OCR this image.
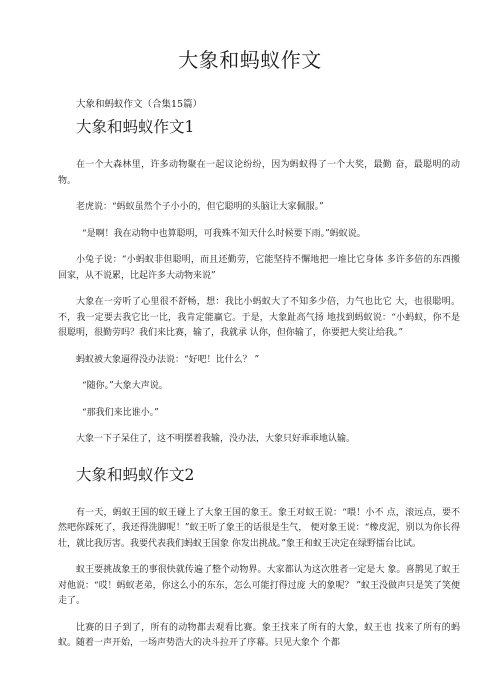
大象和蚂蚁作文
大象和蚂蚁作文（合集15篇）
大象和蚂蚁作文1

在一个大森林里，许多动物聚在一起议论纷纷，因为蚂蚁得了一个大奖，最勤 奋，最聪明的动物。

老虎说：“蚂蚁虽然个子小小的，但它聪明的头脑让大家佩服。”

“是啊！我在动物中也算聪明，可我殊不知天什么时候要下雨。”蚂蚁说。

小兔子说：“小蚂蚁非但聪明，而且还勤劳，它能坚持不懈地把一堆比它身体 多许多倍的东西搬回家，从不说累，比起许多大动物来说”

大象在一旁听了心里很不舒畅，想：我比小蚂蚁大了不知多少倍，力气也比它 大，也很聪明。不，我一定要去我它比一比，我肯定能赢它。于是，大象趾高气扬 地找到蚂蚁说：“小蚂蚁，你不是很聪明，很勤劳吗？我们来比赛，输了，我就承 认你，但你输了，你要把大奖让给我。”

蚂蚁被大象逼得没办法说：“好吧！比什么？ ”

“随你。”大象大声说。

“那我们来比谁小。”

大象一下子呆住了，这不明摆着我输，没办法，大象只好乖乖地认输。

大象和蚂蚁作文2

有一天，蚂蚁王国的蚁王碰上了大象王国的象王。象王对蚁王说：“喂！小不 点，滚远点，要不然吧你踩死了，我还得洗脚呢！”蚁王听了象王的话很是生气， 便对象王说：“橡皮泥，别以为你长得壮，就比我厉害。我要代表我们蚂蚁王国象 你发出挑战。”象王和蚁王决定在绿野擂台比试。

蚁王要挑战象王的事很快就传遍了整个动物界。大家都认为这次胜者一定是大 象。喜鹊见了蚁王对他说：“哎！蚂蚁老弟，你这么小的东东，怎么可能打得过庞 大的象呢？ ”蚁王没做声只是笑了笑便走了。

比赛的日子到了，所有的动物都去观看比赛。象王找来了所有的大象，蚁王也 找来了所有的蚂蚁。随着一声开始，一场声势浩大的决斗拉开了序幕。只见大象个 个都
